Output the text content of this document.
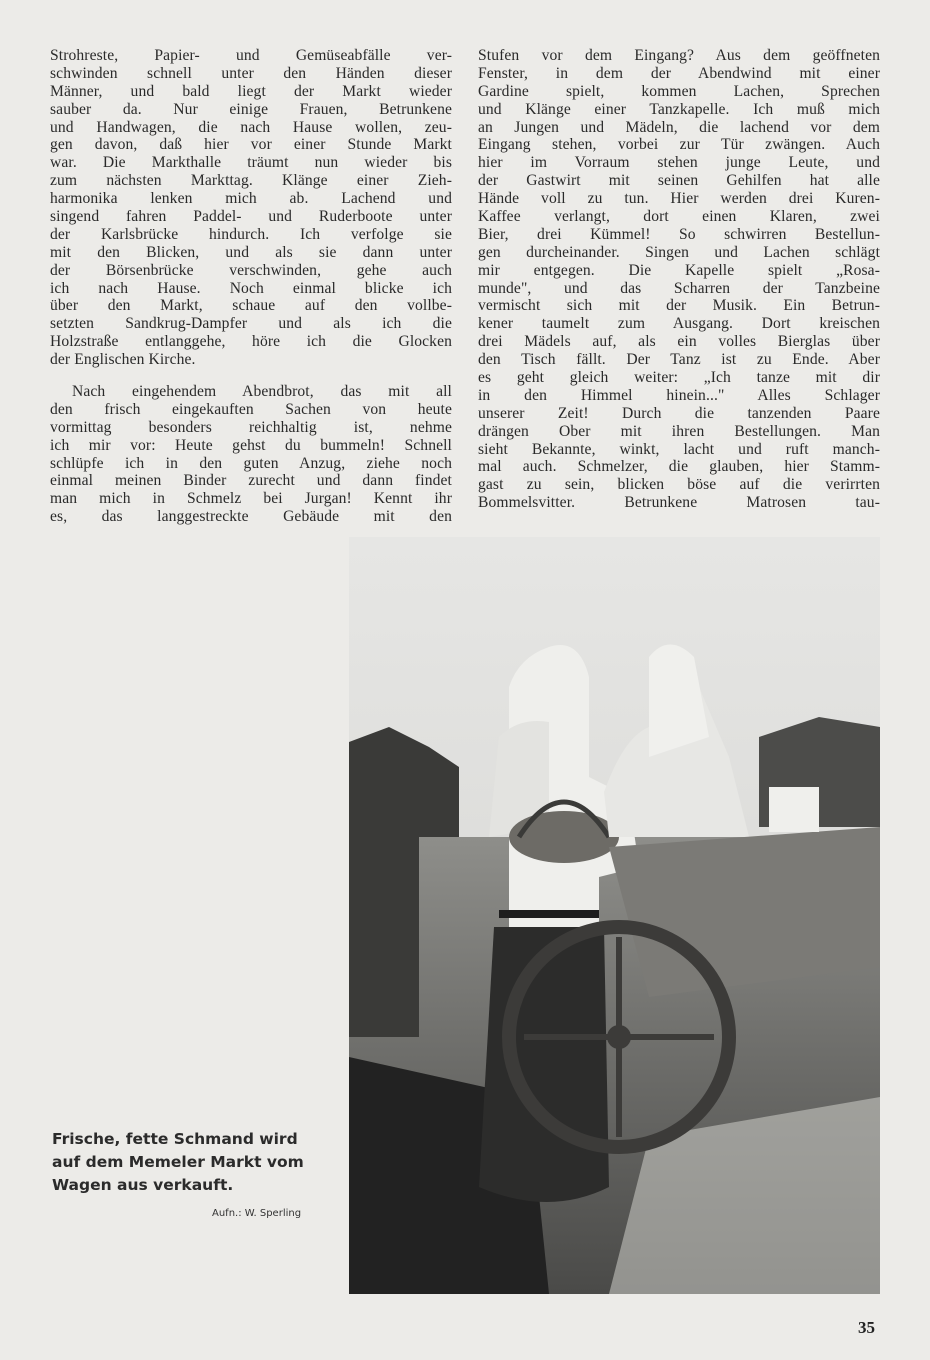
Strohreste, Papier- und Gemüseabfälle ver-
schwinden schnell unter den Händen dieser
Männer, und bald liegt der Markt wieder
sauber da. Nur einige Frauen, Betrunkene
und Handwagen, die nach Hause wollen, zeu-
gen davon, daß hier vor einer Stunde Markt
war. Die Markthalle träumt nun wieder bis
zum nächsten Markttag. Klänge einer Zieh-
harmonika lenken mich ab. Lachend und
singend fahren Paddel- und Ruderboote unter
der Karlsbrücke hindurch. Ich verfolge sie
mit den Blicken, und als sie dann unter
der Börsenbrücke verschwinden, gehe auch
ich nach Hause. Noch einmal blicke ich
über den Markt, schaue auf den vollbe-
setzten Sandkrug-Dampfer und als ich die
Holzstraße entlanggehe, höre ich die Glocken
der Englischen Kirche.
Nach eingehendem Abendbrot, das mit all
den frisch eingekauften Sachen von heute
vormittag besonders reichhaltig ist, nehme
ich mir vor: Heute gehst du bummeln! Schnell
schlüpfe ich in den guten Anzug, ziehe noch
einmal meinen Binder zurecht und dann findet
man mich in Schmelz bei Jurgan! Kennt ihr
es, das langgestreckte Gebäude mit den
Stufen vor dem Eingang? Aus dem geöffneten
Fenster, in dem der Abendwind mit einer
Gardine spielt, kommen Lachen, Sprechen
und Klänge einer Tanzkapelle. Ich muß mich
an Jungen und Mädeln, die lachend vor dem
Eingang stehen, vorbei zur Tür zwängen. Auch
hier im Vorraum stehen junge Leute, und
der Gastwirt mit seinen Gehilfen hat alle
Hände voll zu tun. Hier werden drei Kuren-
Kaffee verlangt, dort einen Klaren, zwei
Bier, drei Kümmel! So schwirren Bestellun-
gen durcheinander. Singen und Lachen schlägt
mir entgegen. Die Kapelle spielt „Rosa-
munde", und das Scharren der Tanzbeine
vermischt sich mit der Musik. Ein Betrun-
kener taumelt zum Ausgang. Dort kreischen
drei Mädels auf, als ein volles Bierglas über
den Tisch fällt. Der Tanz ist zu Ende. Aber
es geht gleich weiter: „Ich tanze mit dir
in den Himmel hinein..." Alles Schlager
unserer Zeit! Durch die tanzenden Paare
drängen Ober mit ihren Bestellungen. Man
sieht Bekannte, winkt, lacht und ruft manch-
mal auch. Schmelzer, die glauben, hier Stamm-
gast zu sein, blicken böse auf die verirrten
Bommelsvitter. Betrunkene Matrosen tau-
Frische, fette Schmand wird auf dem Memeler Markt vom Wagen aus verkauft.
Aufn.: W. Sperling
35
